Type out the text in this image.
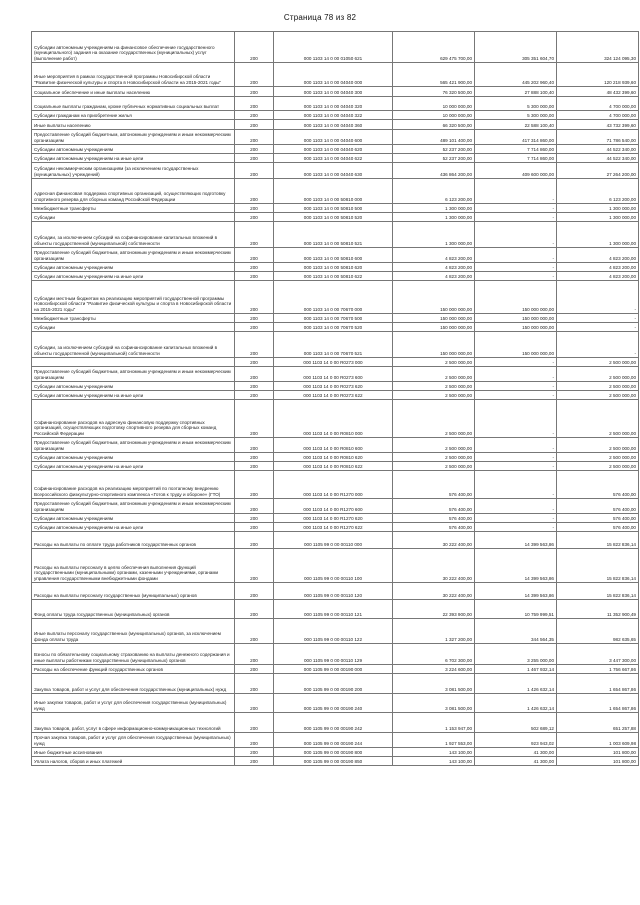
Страница 78 из 82
Субсидии автономным учреждениям на финансовое обеспечение государственного (муниципального) задания на оказание государственных (муниципальных) услуг (выполнение работ)	200	000 1103 14 0 00 01050 621	629 475 700,00	305 351 604,70	324 124 095,30
Иные мероприятия в рамках государственной программы Новосибирской области "Развитие физической культуры и спорта в Новосибирской области на 2015-2021 годы"	200	000 1103 14 0 00 04040 000	565 421 900,00	445 202 960,40	120 218 939,60
Социальное обеспечение и иные выплаты населению	200	000 1103 14 0 00 04040 300	76 320 500,00	27 888 100,40	48 432 399,60
Социальные выплаты гражданам, кроме публичных нормативных социальных выплат	200	000 1103 14 0 00 04040 320	10 000 000,00	5 300 000,00	4 700 000,00
Субсидии гражданам на приобретение жилья	200	000 1103 14 0 00 04040 322	10 000 000,00	5 300 000,00	4 700 000,00
Иные выплаты населению	200	000 1103 14 0 00 04040 360	66 320 500,00	22 588 100,40	43 732 399,60
Предоставление субсидий бюджетным, автономным учреждениям и иным некоммерческим организациям	200	000 1103 14 0 00 04040 600	489 101 400,00	417 314 860,00	71 786 540,00
Субсидии автономным учреждениям	200	000 1103 14 0 00 04040 620	52 237 200,00	7 714 860,00	44 522 340,00
Субсидии автономным учреждениям на иные цели	200	000 1103 14 0 00 04040 622	52 237 200,00	7 714 860,00	44 522 340,00
Субсидии некоммерческим организациям (за исключением государственных (муниципальных) учреждений)	200	000 1103 14 0 00 04040 630	436 864 200,00	409 600 000,00	27 264 200,00
Адресная финансовая поддержка спортивных организаций, осуществляющих подготовку спортивного резерва для сборных команд Российской Федерации	200	000 1103 14 0 00 50810 000	6 123 200,00	-	6 123 200,00
Межбюджетные трансферты	200	000 1103 14 0 00 50810 500	1 300 000,00	-	1 300 000,00
Субсидии	200	000 1103 14 0 00 50810 520	1 300 000,00	-	1 300 000,00
Субсидии, за исключением субсидий на софинансирование капитальных вложений в объекты государственной (муниципальной) собственности	200	000 1103 14 0 00 50810 521	1 300 000,00	-	1 300 000,00
Предоставление субсидий бюджетным, автономным учреждениям и иным некоммерческим организациям	200	000 1103 14 0 00 50810 600	4 823 200,00	-	4 823 200,00
Субсидии автономным учреждениям	200	000 1103 14 0 00 50810 620	4 823 200,00	-	4 823 200,00
Субсидии автономным учреждениям на иные цели	200	000 1103 14 0 00 50810 622	4 823 200,00	-	4 823 200,00
Субсидии местным бюджетам на реализацию мероприятий государственной программы Новосибирской области "Развитие физической культуры и спорта в Новосибирской области на 2015-2021 годы"	200	000 1103 14 0 00 70670 000	150 000 000,00	150 000 000,00	-
Межбюджетные трансферты	200	000 1103 14 0 00 70670 500	150 000 000,00	150 000 000,00	-
Субсидии	200	000 1103 14 0 00 70670 520	150 000 000,00	150 000 000,00	-
Субсидии, за исключением субсидий на софинансирование капитальных вложений в объекты государственной (муниципальной) собственности	200	000 1103 14 0 00 70670 521	150 000 000,00	150 000 000,00	-
	200	000 1103 14 0 00 R0273 000	2 500 000,00	-	2 500 000,00
Предоставление субсидий бюджетным, автономным учреждениям и иным некоммерческим организациям	200	000 1103 14 0 00 R0273 600	2 500 000,00	-	2 500 000,00
Субсидии автономным учреждениям	200	000 1103 14 0 00 R0273 620	2 500 000,00	-	2 500 000,00
Субсидии автономным учреждениям на иные цели	200	000 1103 14 0 00 R0273 622	2 500 000,00	-	2 500 000,00
Софинансирование расходов на адресную финансовую поддержку спортивных организаций, осуществляющих подготовку спортивного резерва для сборных команд Российской Федерации	200	000 1103 14 0 00 R0810 000	2 500 000,00	-	2 500 000,00
Предоставление субсидий бюджетным, автономным учреждениям и иным некоммерческим организациям	200	000 1103 14 0 00 R0810 600	2 500 000,00	-	2 500 000,00
Субсидии автономным учреждениям	200	000 1103 14 0 00 R0810 620	2 500 000,00	-	2 500 000,00
Субсидии автономным учреждениям на иные цели	200	000 1103 14 0 00 R0810 622	2 500 000,00	-	2 500 000,00
Софинансирование расходов на реализацию мероприятий по поэтапному внедрению Всероссийского физкультурно-спортивного комплекса «Готов к труду и обороне» (ГТО)	200	000 1103 14 0 00 R1270 000	576 400,00	-	576 400,00
Предоставление субсидий бюджетным, автономным учреждениям и иным некоммерческим организациям	200	000 1103 14 0 00 R1270 600	576 400,00	-	576 400,00
Субсидии автономным учреждениям	200	000 1103 14 0 00 R1270 620	576 400,00	-	576 400,00
Субсидии автономным учреждениям на иные цели	200	000 1103 14 0 00 R1270 622	576 400,00	-	576 400,00
Расходы на выплаты по оплате труда работников государственных органов	200	000 1105 99 0 00 00110 000	30 222 400,00	14 399 563,86	15 822 836,14
Расходы на выплаты персоналу в целях обеспечения выполнения функций государственными (муниципальными) органами, казенными учреждениями, органами управления государственными внебюджетными фондами	200	000 1105 99 0 00 00110 100	30 222 400,00	14 399 563,86	15 822 836,14
Расходы на выплаты персоналу государственных (муниципальных) органов	200	000 1105 99 0 00 00110 120	30 222 400,00	14 399 563,86	15 822 836,14
Фонд оплаты труда государственных (муниципальных) органов	200	000 1105 99 0 00 00110 121	22 393 900,00	10 759 999,51	11 352 900,49
Иные выплаты персоналу государственных (муниципальных) органов, за исключением фонда оплаты труда	200	000 1105 99 0 00 00110 122	1 327 200,00	344 564,35	982 635,65
Взносы по обязательному социальному страхованию на выплаты денежного содержания и иные выплаты работникам государственных (муниципальных) органов	200	000 1105 99 0 00 00110 129	6 702 300,00	3 255 000,00	3 447 300,00
Расходы на обеспечение функций государственных органов	200	000 1105 99 0 00 00190 000	3 224 600,00	1 467 932,14	1 756 667,86
Закупка товаров, работ и услуг для обеспечения государственных (муниципальных) нужд	200	000 1105 99 0 00 00190 200	3 081 500,00	1 426 632,14	1 654 867,86
Иные закупки товаров, работ и услуг для обеспечения государственных (муниципальных) нужд	200	000 1105 99 0 00 00190 240	3 081 500,00	1 426 632,14	1 654 867,86
Закупка товаров, работ, услуг в сфере информационно-коммуникационных технологий	200	000 1105 99 0 00 00190 242	1 153 947,00	502 689,12	651 257,88
Прочая закупка товаров, работ и услуг для обеспечения государственных (муниципальных) нужд	200	000 1105 99 0 00 00190 244	1 927 553,00	923 943,02	1 003 609,98
Иные бюджетные ассигнования	200	000 1105 99 0 00 00190 800	143 100,00	41 300,00	101 800,00
Уплата налогов, сборов и иных платежей	200	000 1105 99 0 00 00190 850	143 100,00	41 300,00	101 800,00
